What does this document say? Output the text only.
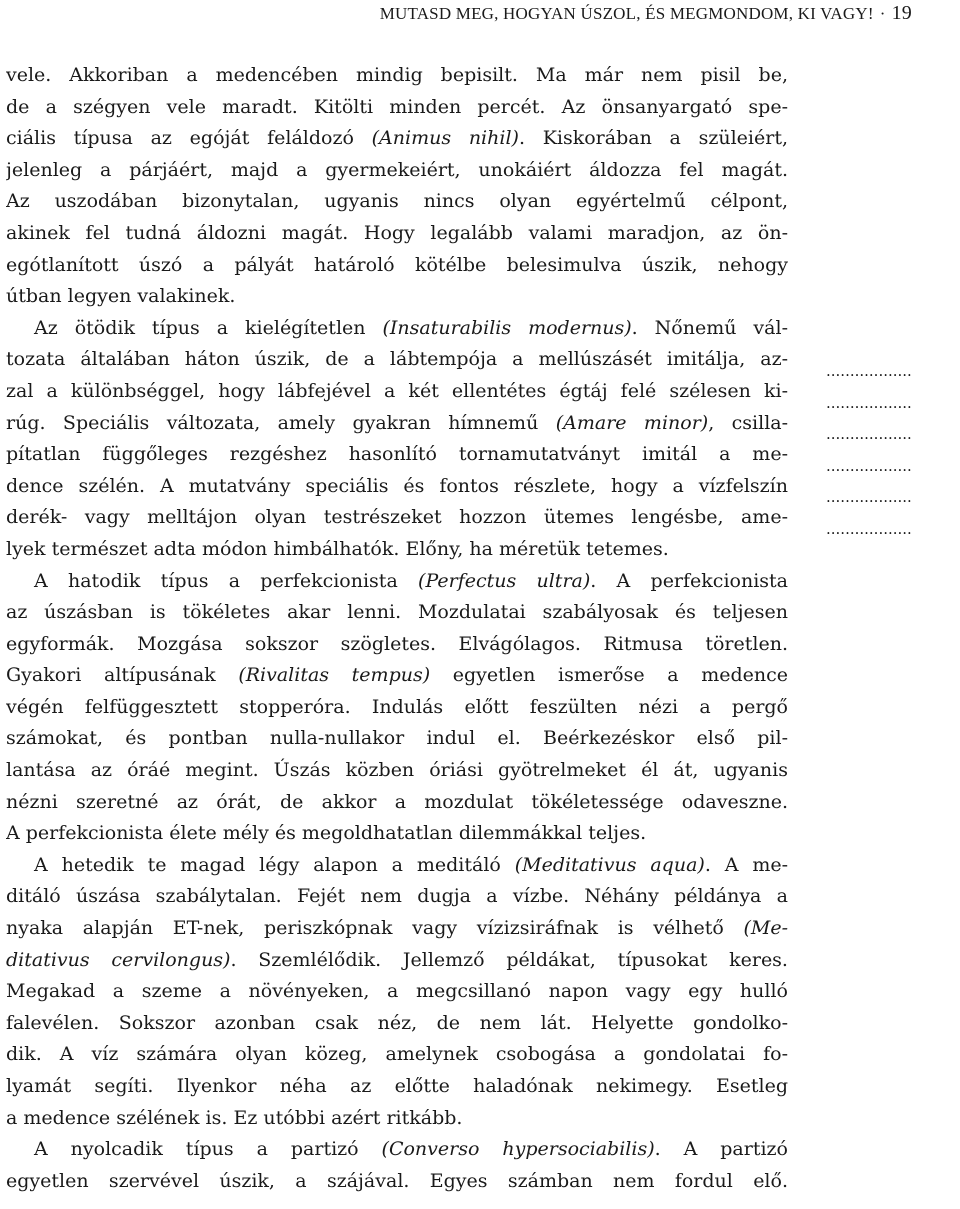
MUTASD MEG, HOGYAN ÚSZOL, ÉS MEGMONDOM, KI VAGY! · 19
vele. Akkoriban a medencében mindig bepisilt. Ma már nem pisil be,
de a szégyen vele maradt. Kitölti minden percét. Az önsanyargató spe-
ciális típusa az egóját feláldozó (Animus nihil). Kiskorában a szüleiért,
jelenleg a párjáért, majd a gyermekeiért, unokáiért áldozza fel magát.
Az uszodában bizonytalan, ugyanis nincs olyan egyértelmű célpont,
akinek fel tudná áldozni magát. Hogy legalább valami maradjon, az ön-
egótlanított úszó a pályát határoló kötélbe belesimulva úszik, nehogy
útban legyen valakinek.
Az ötödik típus a kielégítetlen (Insaturabilis modernus). Nőnemű vál-
tozata általában háton úszik, de a lábtempója a mellúszásét imitálja, az-
zal a különbséggel, hogy lábfejével a két ellentétes égtáj felé szélesen ki-
rúg. Speciális változata, amely gyakran hímnemű (Amare minor), csilla-
pítatlan függőleges rezgéshez hasonlító tornamutatványt imitál a me-
dence szélén. A mutatvány speciális és fontos részlete, hogy a vízfelszín
derék- vagy melltájon olyan testrészeket hozzon ütemes lengésbe, ame-
lyek természet adta módon himbálhatók. Előny, ha méretük tetemes.
A hatodik típus a perfekcionista (Perfectus ultra). A perfekcionista
az úszásban is tökéletes akar lenni. Mozdulatai szabályosak és teljesen
egyformák. Mozgása sokszor szögletes. Elvágólagos. Ritmusa töretlen.
Gyakori altípusának (Rivalitas tempus) egyetlen ismerőse a medence
végén felfüggesztett stopperóra. Indulás előtt feszülten nézi a pergő
számokat, és pontban nulla-nullakor indul el. Beérkezéskor első pil-
lantása az óráé megint. Úszás közben óriási gyötrelmeket él át, ugyanis
nézni szeretné az órát, de akkor a mozdulat tökéletessége odaveszne.
A perfekcionista élete mély és megoldhatatlan dilemmákkal teljes.
A hetedik te magad légy alapon a meditáló (Meditativus aqua). A me-
ditáló úszása szabálytalan. Fejét nem dugja a vízbe. Néhány példánya a
nyaka alapján ET-nek, periszkópnak vagy vízizsiráfnak is vélhető (Me-
ditativus cervilongus). Szemlélődik. Jellemző példákat, típusokat keres.
Megakad a szeme a növényeken, a megcsillanó napon vagy egy hulló
falevélen. Sokszor azonban csak néz, de nem lát. Helyette gondolko-
dik. A víz számára olyan közeg, amelynek csobogása a gondolatai fo-
lyamát segíti. Ilyenkor néha az előtte haladónak nekimegy. Esetleg
a medence szélének is. Ez utóbbi azért ritkább.
A nyolcadik típus a partizó (Converso hypersociabilis). A partizó
egyetlen szervével úszik, a szájával. Egyes számban nem fordul elő.
..................
..................
..................
..................
..................
..................
